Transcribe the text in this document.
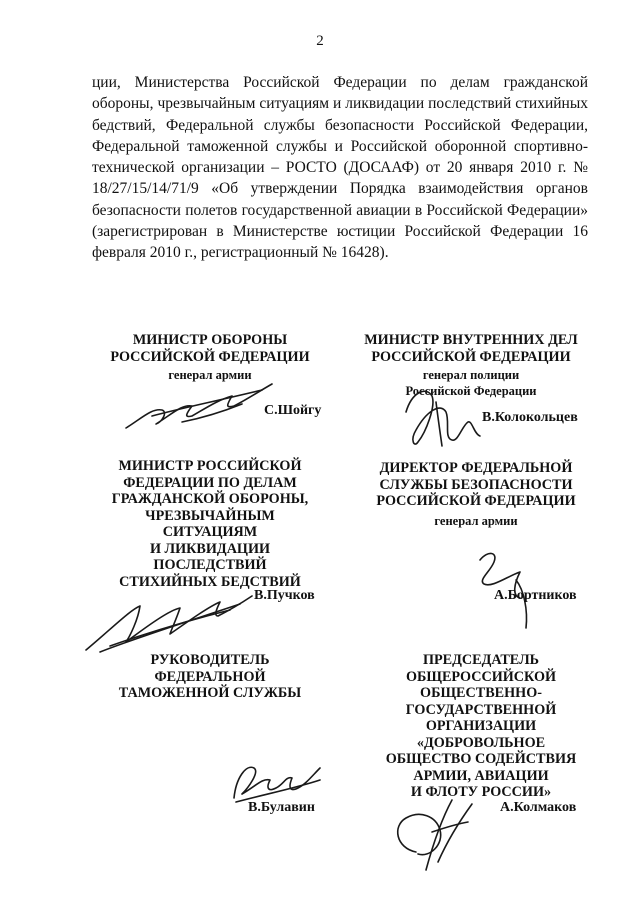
2

ции, Министерства Российской Федерации по делам гражданской обороны, чрезвычайным ситуациям и ликвидации последствий стихийных бедствий, Федеральной службы безопасности Российской Федерации, Федеральной таможенной службы и Российской оборонной спортивно-технической организации – РОСТО (ДОСААФ) от 20 января 2010 г. № 18/27/15/14/71/9 «Об утверждении Порядка взаимодействия органов безопасности полетов государственной авиации в Российской Федерации» (зарегистрирован в Министерстве юстиции Российской Федерации 16 февраля 2010 г., регистрационный № 16428).

МИНИСТР ОБОРОНЫ
РОССИЙСКОЙ ФЕДЕРАЦИИ
генерал армии
С.Шойгу
МИНИСТР ВНУТРЕННИХ ДЕЛ
РОССИЙСКОЙ ФЕДЕРАЦИИ
генерал полиции
Российской Федерации
В.Колокольцев
МИНИСТР РОССИЙСКОЙ
ФЕДЕРАЦИИ ПО ДЕЛАМ
ГРАЖДАНСКОЙ ОБОРОНЫ,
ЧРЕЗВЫЧАЙНЫМ
СИТУАЦИЯМ
И ЛИКВИДАЦИИ
ПОСЛЕДСТВИЙ
СТИХИЙНЫХ БЕДСТВИЙ
В.Пучков
ДИРЕКТОР ФЕДЕРАЛЬНОЙ
СЛУЖБЫ БЕЗОПАСНОСТИ
РОССИЙСКОЙ ФЕДЕРАЦИИ
генерал армии
А.Бортников
РУКОВОДИТЕЛЬ
ФЕДЕРАЛЬНОЙ
ТАМОЖЕННОЙ СЛУЖБЫ
В.Булавин
ПРЕДСЕДАТЕЛЬ
ОБЩЕРОССИЙСКОЙ
ОБЩЕСТВЕННО-
ГОСУДАРСТВЕННОЙ
ОРГАНИЗАЦИИ
«ДОБРОВОЛЬНОЕ
ОБЩЕСТВО СОДЕЙСТВИЯ
АРМИИ, АВИАЦИИ
И ФЛОТУ РОССИИ»
А.Колмаков
